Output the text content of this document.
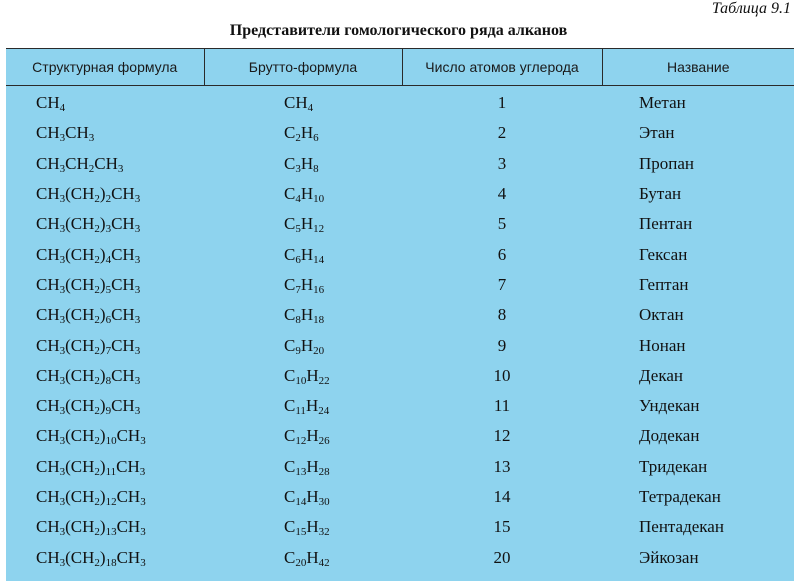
Таблица 9.1
Представители гомологического ряда алканов
Структурная формула	Брутто-формула	Число атомов углерода	Название
$CH_4$	$CH_4$	1	Метан
$CH_3CH_3$	$C_2H_6$	2	Этан
$CH_3CH_2CH_3$	$C_3H_8$	3	Пропан
$CH_3(CH_2)_2CH_3$	$C_4H_{10}$	4	Бутан
$CH_3(CH_2)_3CH_3$	$C_5H_{12}$	5	Пентан
$CH_3(CH_2)_4CH_3$	$C_6H_{14}$	6	Гексан
$CH_3(CH_2)_5CH_3$	$C_7H_{16}$	7	Гептан
$CH_3(CH_2)_6CH_3$	$C_8H_{18}$	8	Октан
$CH_3(CH_2)_7CH_3$	$C_9H_{20}$	9	Нонан
$CH_3(CH_2)_8CH_3$	$C_{10}H_{22}$	10	Декан
$CH_3(CH_2)_9CH_3$	$C_{11}H_{24}$	11	Ундекан
$CH_3(CH_2)_{10}CH_3$	$C_{12}H_{26}$	12	Додекан
$CH_3(CH_2)_{11}CH_3$	$C_{13}H_{28}$	13	Тридекан
$CH_3(CH_2)_{12}CH_3$	$C_{14}H_{30}$	14	Тетрадекан
$CH_3(CH_2)_{13}CH_3$	$C_{15}H_{32}$	15	Пентадекан
$CH_3(CH_2)_{18}CH_3$	$C_{20}H_{42}$	20	Эйкозан
